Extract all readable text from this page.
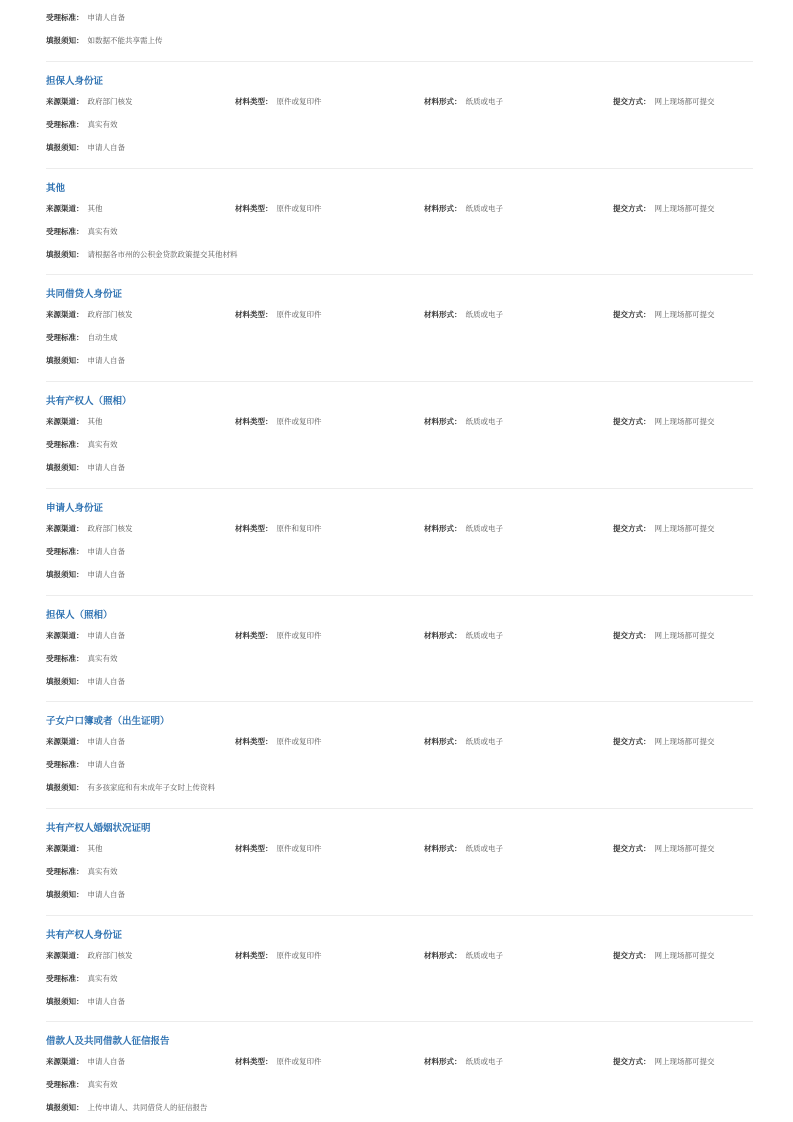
受理标准： 申请人自备
填报须知： 如数据不能共享需上传
担保人身份证
来源渠道： 政府部门核发	材料类型： 原件或复印件	材料形式： 纸质或电子	提交方式： 网上现场都可提交
受理标准： 真实有效
填报须知： 申请人自备
其他
来源渠道： 其他	材料类型： 原件或复印件	材料形式： 纸质或电子	提交方式： 网上现场都可提交
受理标准： 真实有效
填报须知： 请根据各市州的公积金贷款政策提交其他材料
共同借贷人身份证
来源渠道： 政府部门核发	材料类型： 原件或复印件	材料形式： 纸质或电子	提交方式： 网上现场都可提交
受理标准： 自动生成
填报须知： 申请人自备
共有产权人（照相）
来源渠道： 其他	材料类型： 原件或复印件	材料形式： 纸质或电子	提交方式： 网上现场都可提交
受理标准： 真实有效
填报须知： 申请人自备
申请人身份证
来源渠道： 政府部门核发	材料类型： 原件和复印件	材料形式： 纸质或电子	提交方式： 网上现场都可提交
受理标准： 申请人自备
填报须知： 申请人自备
担保人（照相）
来源渠道： 申请人自备	材料类型： 原件或复印件	材料形式： 纸质或电子	提交方式： 网上现场都可提交
受理标准： 真实有效
填报须知： 申请人自备
子女户口簿或者（出生证明）
来源渠道： 申请人自备	材料类型： 原件或复印件	材料形式： 纸质或电子	提交方式： 网上现场都可提交
受理标准： 申请人自备
填报须知： 有多孩家庭和有未成年子女时上传资料
共有产权人婚姻状况证明
来源渠道： 其他	材料类型： 原件或复印件	材料形式： 纸质或电子	提交方式： 网上现场都可提交
受理标准： 真实有效
填报须知： 申请人自备
共有产权人身份证
来源渠道： 政府部门核发	材料类型： 原件或复印件	材料形式： 纸质或电子	提交方式： 网上现场都可提交
受理标准： 真实有效
填报须知： 申请人自备
借款人及共同借款人征信报告
来源渠道： 申请人自备	材料类型： 原件或复印件	材料形式： 纸质或电子	提交方式： 网上现场都可提交
受理标准： 真实有效
填报须知： 上传申请人、共同借贷人的征信报告
